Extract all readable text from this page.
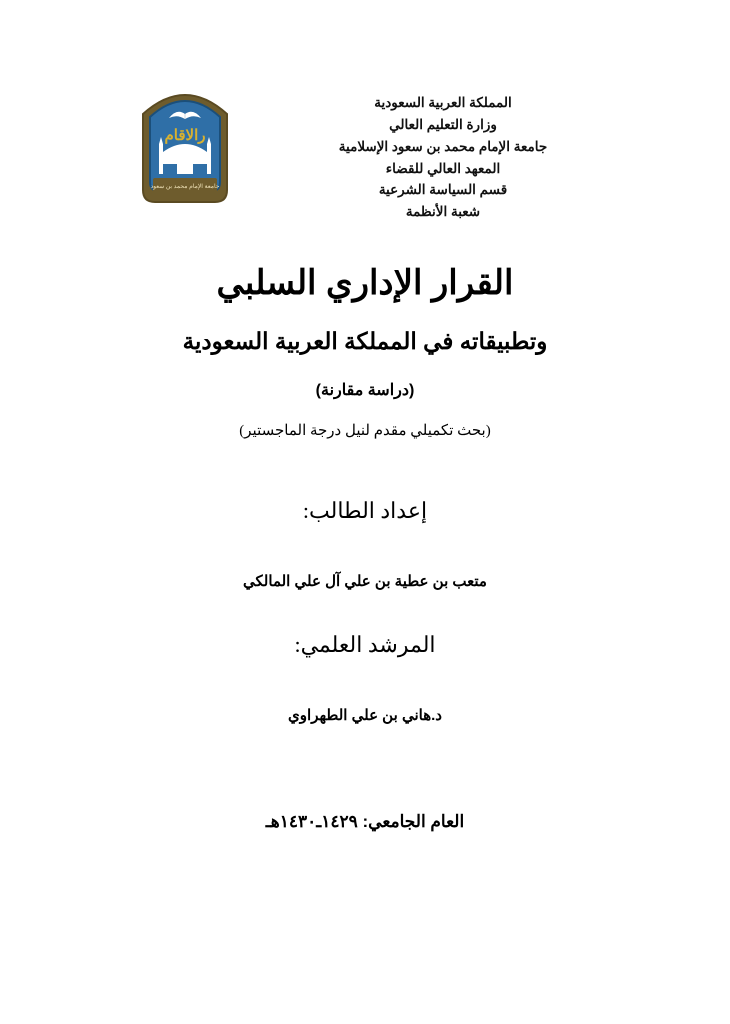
رالاقام
جامعة الإمام محمد بن سعود
المملكة العربية السعودية
وزارة التعليم العالي
جامعة الإمام محمد بن سعود الإسلامية
المعهد العالي للقضاء
قسم السياسة الشرعية
شعبة الأنظمة
القرار الإداري السلبي
وتطبيقاته في المملكة العربية السعودية
(دراسة مقارنة)
(بحث تكميلي مقدم لنيل درجة الماجستير)
إعداد الطالب:
متعب بن عطية بن علي آل علي المالكي
المرشد العلمي:
د.هاني بن علي الطهراوي
العام الجامعي: ١٤٢٩ـ١٤٣٠هـ
